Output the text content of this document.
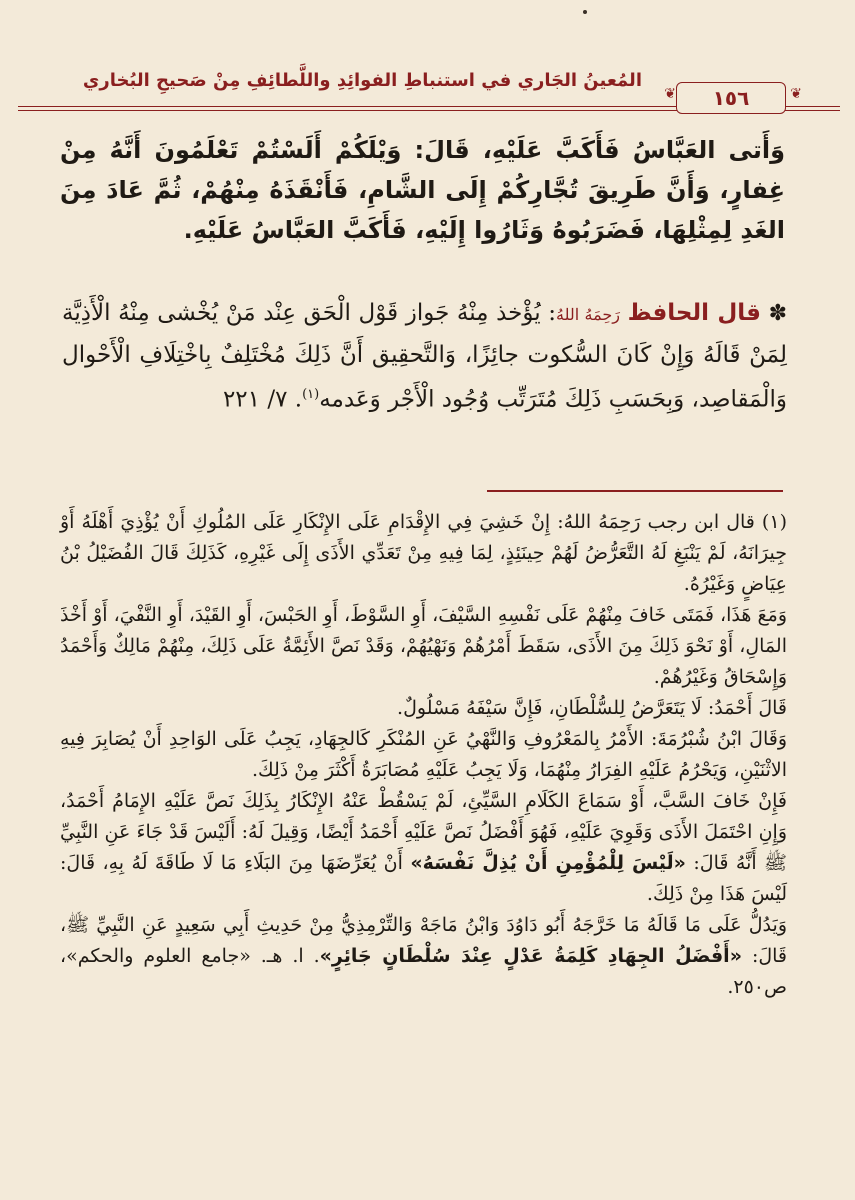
المُعينُ الجَاري في استنباطِ الفوائِدِ واللَّطائِفِ مِنْ صَحيحِ البُخاري
❦	١٥٦	❦
وَأَتى العَبَّاسُ فَأَكَبَّ عَلَيْهِ، قَالَ: وَيْلَكُمْ أَلَسْتُمْ تَعْلَمُونَ أَنَّهُ مِنْ غِفارٍ، وَأَنَّ طَرِيقَ تُجَّارِكُمْ إِلَى الشَّامِ، فَأَنْقَذَهُ مِنْهُمْ، ثُمَّ عَادَ مِنَ الغَدِ لِمِثْلِهَا، فَضَرَبُوهُ وَثَارُوا إِلَيْهِ، فَأَكَبَّ العَبَّاسُ عَلَيْهِ.
✽ قال الحافظ رَحِمَهُ اللهُ: يُؤْخذ مِنْهُ جَواز قَوْل الْحَق عِنْد مَنْ يُخْشى مِنْهُ الْأَذِيَّة لِمَنْ قَالَهُ وَإِنْ كَانَ السُّكوت جائِزًا، وَالتَّحقِيق أَنَّ ذَلِكَ مُخْتَلِفٌ بِاخْتِلَافِ الْأَحْوال وَالْمَقاصِد، وَبِحَسَبِ ذَلِكَ مُتَرَتِّب وُجُود الْأَجْر وَعَدمه$^{(١)}$. ٧/ ٢٢١

(١) قال ابن رجب رَحِمَهُ اللهُ: إِنْ خَشِيَ فِي الإِقْدَامِ عَلَى الإِنْكَارِ عَلَى المُلُوكِ أَنْ يُؤْذِيَ أَهْلَهُ أَوْ جِيرَانَهُ، لَمْ يَنْبَغِ لَهُ التَّعَرُّضُ لَهُمْ حِينَئِذٍ، لِمَا فِيهِ مِنْ تَعَدِّي الأَذَى إِلَى غَيْرِهِ، كَذَلِكَ قَالَ الفُضَيْلُ بْنُ عِيَاضٍ وَغَيْرُهُ.

وَمَعَ هَذَا، فَمَتَى خَافَ مِنْهُمْ عَلَى نَفْسِهِ السَّيْفَ، أَوِ السَّوْطَ، أَوِ الحَبْسَ، أَوِ القَيْدَ، أَوِ النَّفْيَ، أَوْ أَخْذَ المَالِ، أَوْ نَحْوَ ذَلِكَ مِنَ الأَذَى، سَقَطَ أَمْرُهُمْ وَنَهْيُهُمْ، وَقَدْ نَصَّ الأَئِمَّةُ عَلَى ذَلِكَ، مِنْهُمْ مَالِكٌ وَأَحْمَدُ وَإِسْحَاقُ وَغَيْرُهُمْ.

قَالَ أَحْمَدُ: لَا يَتَعَرَّضُ لِلسُّلْطَانِ، فَإِنَّ سَيْفَهُ مَسْلُولٌ.

وَقَالَ ابْنُ شُبْرُمَةَ: الأَمْرُ بِالمَعْرُوفِ وَالنَّهْيُ عَنِ المُنْكَرِ كَالجِهَادِ، يَجِبُ عَلَى الوَاحِدِ أَنْ يُصَابِرَ فِيهِ الاثْنَيْنِ، وَيَحْرُمُ عَلَيْهِ الفِرَارُ مِنْهُمَا، وَلَا يَجِبُ عَلَيْهِ مُصَابَرَةُ أَكْثَرَ مِنْ ذَلِكَ.

فَإِنْ خَافَ السَّبَّ، أَوْ سَمَاعَ الكَلَامِ السَّيِّئِ، لَمْ يَسْقُطْ عَنْهُ الإِنْكَارُ بِذَلِكَ نَصَّ عَلَيْهِ الإِمَامُ أَحْمَدُ، وَإِنِ احْتَمَلَ الأَذَى وَقَوِيَ عَلَيْهِ، فَهُوَ أَفْضَلُ نَصَّ عَلَيْهِ أَحْمَدُ أَيْضًا، وَقِيلَ لَهُ: أَلَيْسَ قَدْ جَاءَ عَنِ النَّبِيِّ ﷺ أَنَّهُ قَالَ: «لَيْسَ لِلْمُؤْمِنِ أَنْ يُذِلَّ نَفْسَهُ» أَنْ يُعَرِّضَهَا مِنَ البَلَاءِ مَا لَا طَاقَةَ لَهُ بِهِ، قَالَ: لَيْسَ هَذَا مِنْ ذَلِكَ.

وَيَدُلُّ عَلَى مَا قَالَهُ مَا خَرَّجَهُ أَبُو دَاوُدَ وَابْنُ مَاجَهْ وَالتِّرْمِذِيُّ مِنْ حَدِيثِ أَبِي سَعِيدٍ عَنِ النَّبِيِّ ﷺ، قَالَ: «أَفْضَلُ الجِهَادِ كَلِمَةُ عَدْلٍ عِنْدَ سُلْطَانٍ جَائِرٍ». ا. هـ. «جامع العلوم والحكم»، ص٢٥٠.
